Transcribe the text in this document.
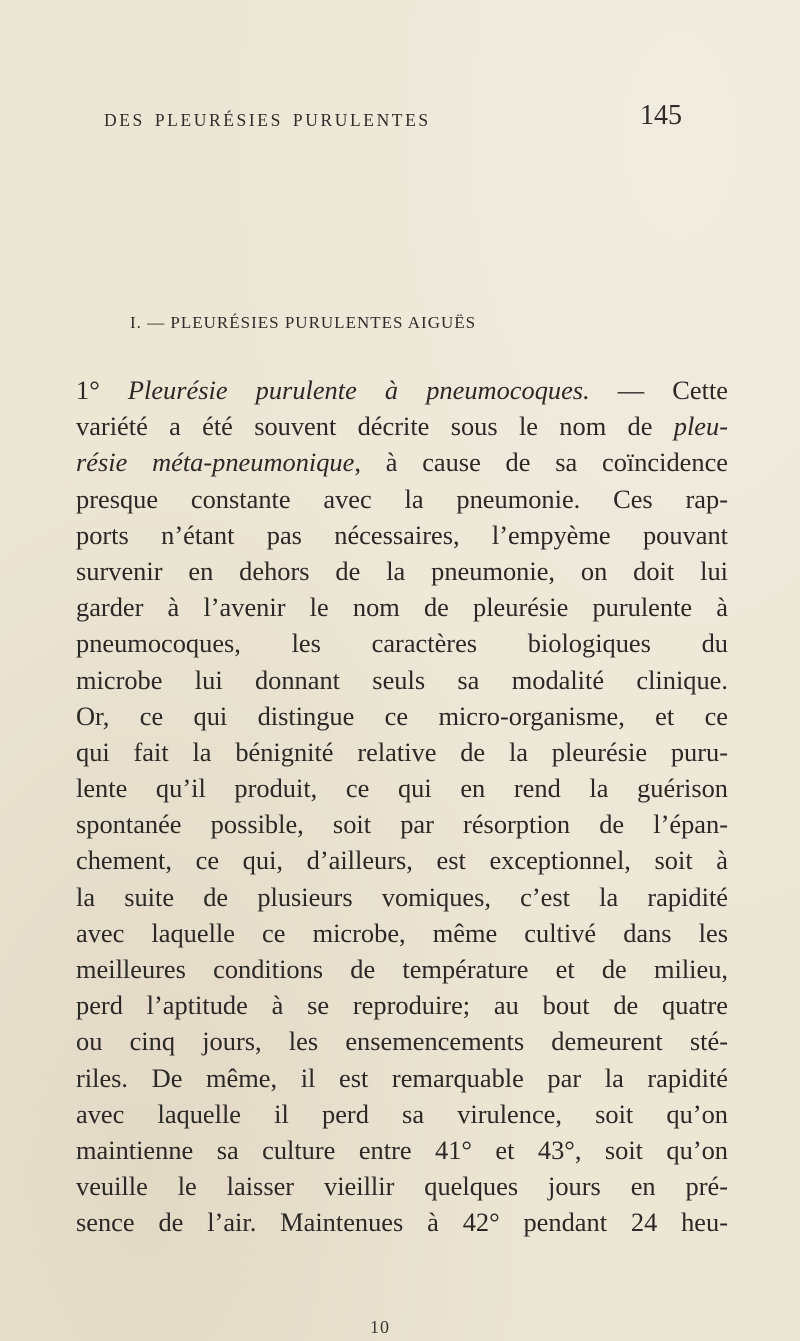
DES PLEURÉSIES PURULENTES	145
I. — PLEURÉSIES PURULENTES AIGUËS
1° Pleurésie purulente à pneumocoques. — Cette
variété a été souvent décrite sous le nom de pleu-
résie méta-pneumonique, à cause de sa coïncidence
presque constante avec la pneumonie. Ces rap-
ports n’étant pas nécessaires, l’empyème pouvant
survenir en dehors de la pneumonie, on doit lui
garder à l’avenir le nom de pleurésie purulente à
pneumocoques, les caractères biologiques du
microbe lui donnant seuls sa modalité clinique.
Or, ce qui distingue ce micro-organisme, et ce
qui fait la bénignité relative de la pleurésie puru-
lente qu’il produit, ce qui en rend la guérison
spontanée possible, soit par résorption de l’épan-
chement, ce qui, d’ailleurs, est exceptionnel, soit à
la suite de plusieurs vomiques, c’est la rapidité
avec laquelle ce microbe, même cultivé dans les
meilleures conditions de température et de milieu,
perd l’aptitude à se reproduire; au bout de quatre
ou cinq jours, les ensemencements demeurent sté-
riles. De même, il est remarquable par la rapidité
avec laquelle il perd sa virulence, soit qu’on
maintienne sa culture entre 41° et 43°, soit qu’on
veuille le laisser vieillir quelques jours en pré-
sence de l’air. Maintenues à 42° pendant 24 heu-
10
